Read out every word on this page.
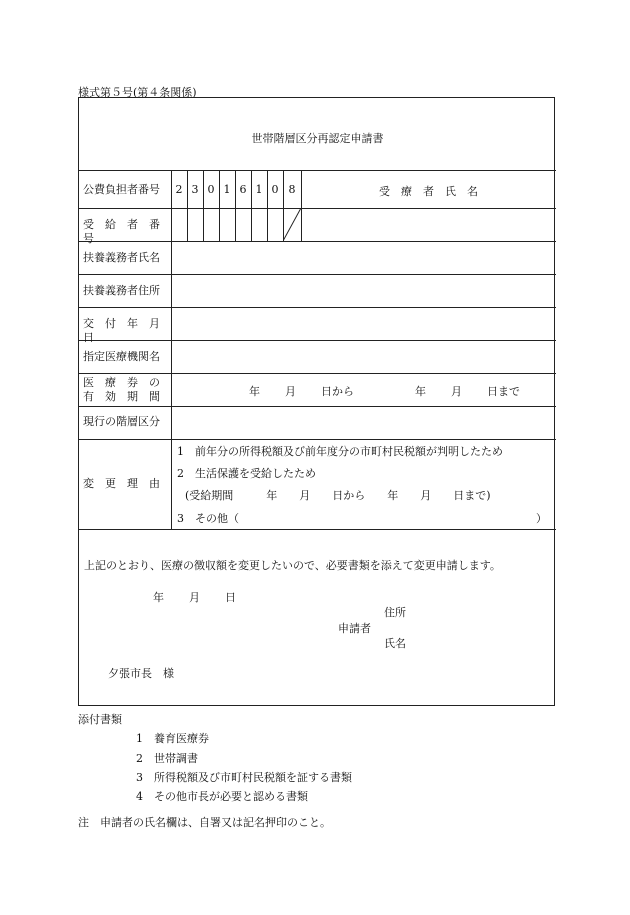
様式第５号(第４条関係)
世帯階層区分再認定申請書
公費負担者番号	2 3 0 1 6 1 0 8	受　療　者　氏　名
受　給　者　番　号
扶養義務者氏名
扶養義務者住所
交　付　年　月　日
指定医療機関名
医　療　券　の
有　効　期　間	年 月 日から	年 月 日まで
現行の階層区分
変　更　理　由
1　前年分の所得税額及び前年度分の市町村民税額が判明したため
2　生活保護を受給したため
(受給期間　　　年　　月　　日から　　年　　月　　日まで)
3　その他（	）
上記のとおり、医療の徴収額を変更したいので、必要書類を添えて変更申請します。
年 月 日
住所
申請者
氏名
夕張市長　様
添付書類
1　養育医療券
2　世帯調書
3　所得税額及び市町村民税額を証する書類
4　その他市長が必要と認める書類
注　申請者の氏名欄は、自署又は記名押印のこと。
